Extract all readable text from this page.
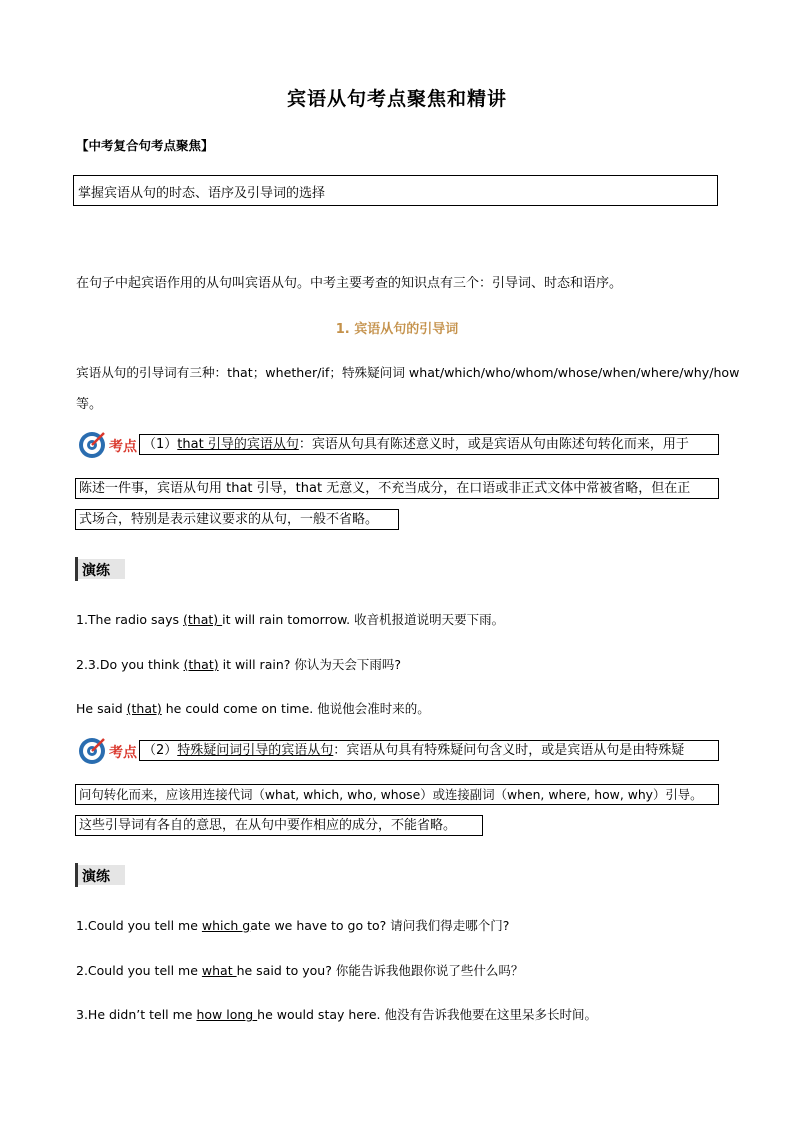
宾语从句考点聚焦和精讲
【中考复合句考点聚焦】
掌握宾语从句的时态、语序及引导词的选择
在句子中起宾语作用的从句叫宾语从句。中考主要考查的知识点有三个：引导词、时态和语序。
1. 宾语从句的引导词
宾语从句的引导词有三种：that；whether/if；特殊疑问词 what/which/who/whom/whose/when/where/why/how
等。
考点 （1）that 引导的宾语从句：宾语从句具有陈述意义时，或是宾语从句由陈述句转化而来，用于
陈述一件事，宾语从句用 that 引导，that 无意义，不充当成分，在口语或非正式文体中常被省略，但在正
式场合，特别是表示建议要求的从句，一般不省略。
演练
1.The radio says (that) it will rain tomorrow. 收音机报道说明天要下雨。
2.3.Do you think (that) it will rain? 你认为天会下雨吗?
He said (that) he could come on time. 他说他会准时来的。
考点 （2）特殊疑问词引导的宾语从句：宾语从句具有特殊疑问句含义时，或是宾语从句是由特殊疑
问句转化而来，应该用连接代词（what, which, who, whose）或连接副词（when, where, how, why）引导。
这些引导词有各自的意思，在从句中要作相应的成分，不能省略。
演练
1.Could you tell me which gate we have to go to? 请问我们得走哪个门?
2.Could you tell me what he said to you? 你能告诉我他跟你说了些什么吗？
3.He didn’t tell me how long he would stay here. 他没有告诉我他要在这里呆多长时间。
